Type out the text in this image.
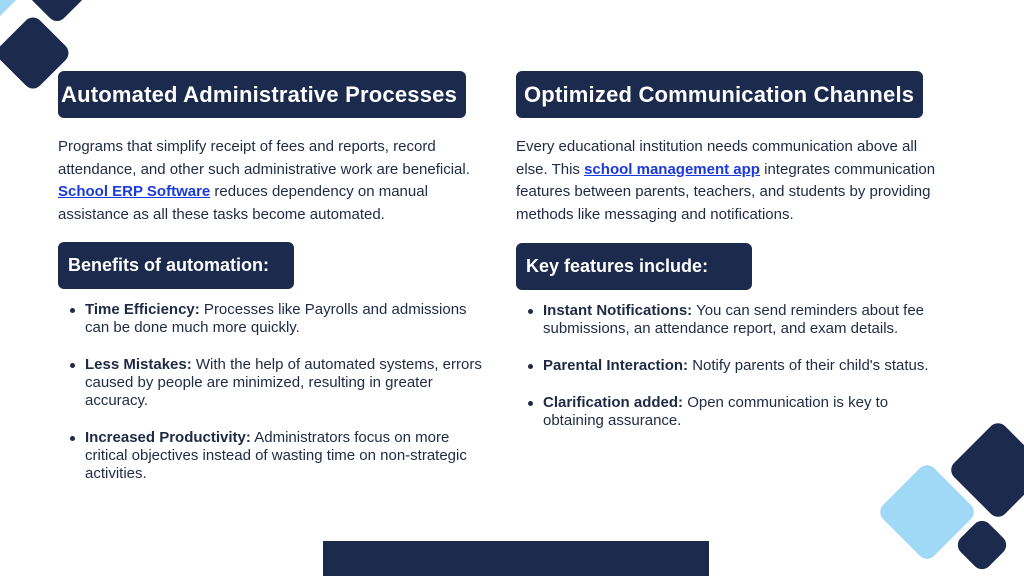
Automated Administrative Processes

Programs that simplify receipt of fees and reports, record attendance, and other such administrative work are beneficial. School ERP Software reduces dependency on manual assistance as all these tasks become automated.

Benefits of automation:
Time Efficiency: Processes like Payrolls and admissions can be done much more quickly.
Less Mistakes: With the help of automated systems, errors caused by people are minimized, resulting in greater accuracy.
Increased Productivity: Administrators focus on more critical objectives instead of wasting time on non-strategic activities.
Optimized Communication Channels

Every educational institution needs communication above all else. This school management app integrates communication features between parents, teachers, and students by providing methods like messaging and notifications.

Key features include:
Instant Notifications: You can send reminders about fee submissions, an attendance report, and exam details.
Parental Interaction: Notify parents of their child's status.
Clarification added: Open communication is key to obtaining assurance.
